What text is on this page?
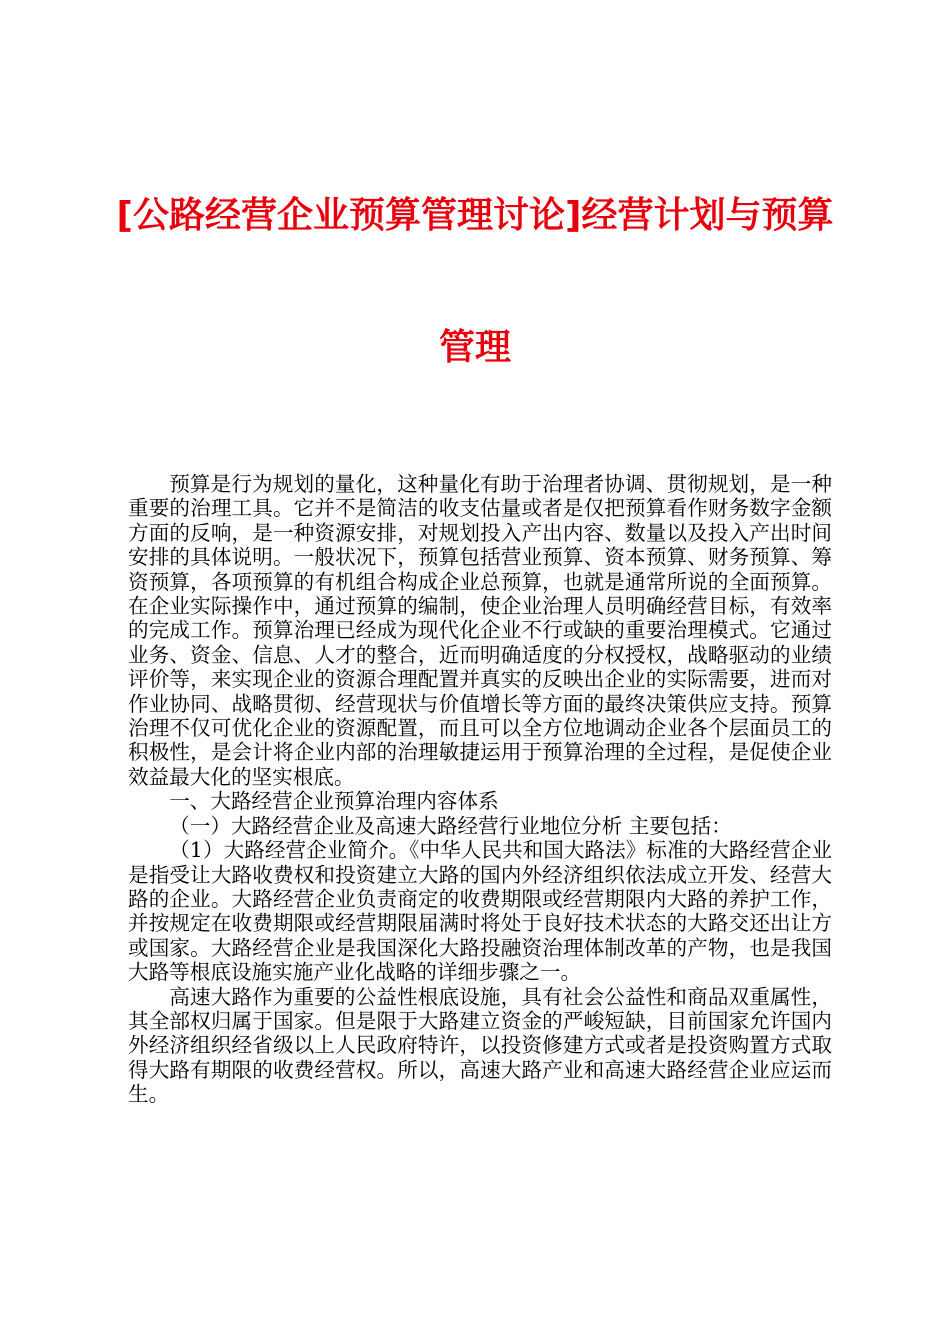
[公路经营企业预算管理讨论]经营计划与预算
管理

预算是行为规划的量化，这种量化有助于治理者协调、贯彻规划，是一种重要的治理工具。它并不是简洁的收支估量或者是仅把预算看作财务数字金额方面的反响，是一种资源安排，对规划投入产出内容、数量以及投入产出时间安排的具体说明。一般状况下，预算包括营业预算、资本预算、财务预算、筹资预算，各项预算的有机组合构成企业总预算，也就是通常所说的全面预算。在企业实际操作中，通过预算的编制，使企业治理人员明确经营目标，有效率的完成工作。预算治理已经成为现代化企业不行或缺的重要治理模式。它通过业务、资金、信息、人才的整合，近而明确适度的分权授权，战略驱动的业绩评价等，来实现企业的资源合理配置并真实的反映出企业的实际需要，进而对作业协同、战略贯彻、经营现状与价值增长等方面的最终决策供应支持。预算治理不仅可优化企业的资源配置，而且可以全方位地调动企业各个层面员工的积极性，是会计将企业内部的治理敏捷运用于预算治理的全过程，是促使企业效益最大化的坚实根底。

一、大路经营企业预算治理内容体系

（一）大路经营企业及高速大路经营行业地位分析 主要包括：

（1）大路经营企业简介。《中华人民共和国大路法》标准的大路经营企业是指受让大路收费权和投资建立大路的国内外经济组织依法成立开发、经营大路的企业。大路经营企业负责商定的收费期限或经营期限内大路的养护工作，并按规定在收费期限或经营期限届满时将处于良好技术状态的大路交还出让方或国家。大路经营企业是我国深化大路投融资治理体制改革的产物，也是我国大路等根底设施实施产业化战略的详细步骤之一。

高速大路作为重要的公益性根底设施，具有社会公益性和商品双重属性，其全部权归属于国家。但是限于大路建立资金的严峻短缺，目前国家允许国内外经济组织经省级以上人民政府特许，以投资修建方式或者是投资购置方式取得大路有期限的收费经营权。所以，高速大路产业和高速大路经营企业应运而生。
